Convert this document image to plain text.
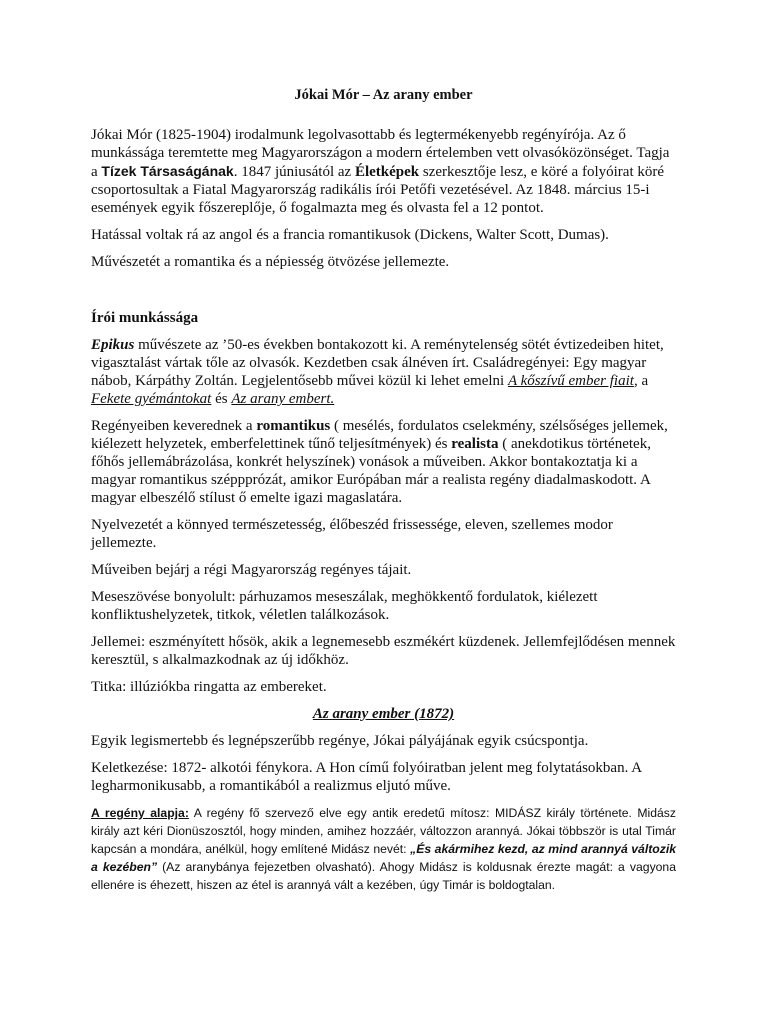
Jókai Mór – Az arany ember

Jókai Mór (1825-1904) irodalmunk legolvasottabb és legtermékenyebb regényírója. Az ő munkássága teremtette meg Magyarországon a modern értelemben vett olvasóközönséget. Tagja a Tízek Társaságának. 1847 júniusától az Életképek szerkesztője lesz, e köré a folyóirat köré csoportosultak a Fiatal Magyarország radikális írói Petőfi vezetésével. Az 1848. március 15-i események egyik főszereplője, ő fogalmazta meg és olvasta fel a 12 pontot.

Hatással voltak rá az angol és a francia romantikusok (Dickens, Walter Scott, Dumas).

Művészetét a romantika és a népiesség ötvözése jellemezte.

Írói munkássága

Epikus művészete az ’50-es években bontakozott ki. A reménytelenség sötét évtizedeiben hitet, vigasztalást vártak tőle az olvasók. Kezdetben csak álnéven írt. Családregényei: Egy magyar nábob, Kárpáthy Zoltán. Legjelentősebb művei közül ki lehet emelni A kőszívű ember fiait, a Fekete gyémántokat és Az arany embert.

Regényeiben keverednek a romantikus ( mesélés, fordulatos cselekmény, szélsőséges jellemek, kiélezett helyzetek, emberfelettinek tűnő teljesítmények) és realista ( anekdotikus történetek, főhős jellemábrázolása, konkrét helyszínek) vonások a műveiben. Akkor bontakoztatja ki a magyar romantikus széppprózát, amikor Európában már a realista regény diadalmaskodott. A magyar elbeszélő stílust ő emelte igazi magaslatára.

Nyelvezetét a könnyed természetesség, élőbeszéd frissessége, eleven, szellemes modor jellemezte.

Műveiben bejárj a régi Magyarország regényes tájait.

Meseszövése bonyolult: párhuzamos meseszálak, meghökkentő fordulatok, kiélezett konfliktushelyzetek, titkok, véletlen találkozások.

Jellemei: eszményített hősök, akik a legnemesebb eszmékért küzdenek. Jellemfejlődésen mennek keresztül, s alkalmazkodnak az új időkhöz.

Titka: illúziókba ringatta az embereket.

Az arany ember (1872)

Egyik legismertebb és legnépszerűbb regénye, Jókai pályájának egyik csúcspontja.

Keletkezése: 1872- alkotói fénykora. A Hon című folyóiratban jelent meg folytatásokban. A legharmonikusabb, a romantikából a realizmus eljutó műve.

A regény alapja: A regény fő szervező elve egy antik eredetű mítosz: MIDÁSZ király története. Midász király azt kéri Dionüszosztól, hogy minden, amihez hozzáér, változzon arannyá. Jókai többször is utal Timár kapcsán a mondára, anélkül, hogy említené Midász nevét: „És akármihez kezd, az mind arannyá változik a kezében” (Az aranybánya fejezetben olvasható). Ahogy Midász is koldusnak érezte magát: a vagyona ellenére is éhezett, hiszen az étel is arannyá vált a kezében, úgy Timár is boldogtalan.
